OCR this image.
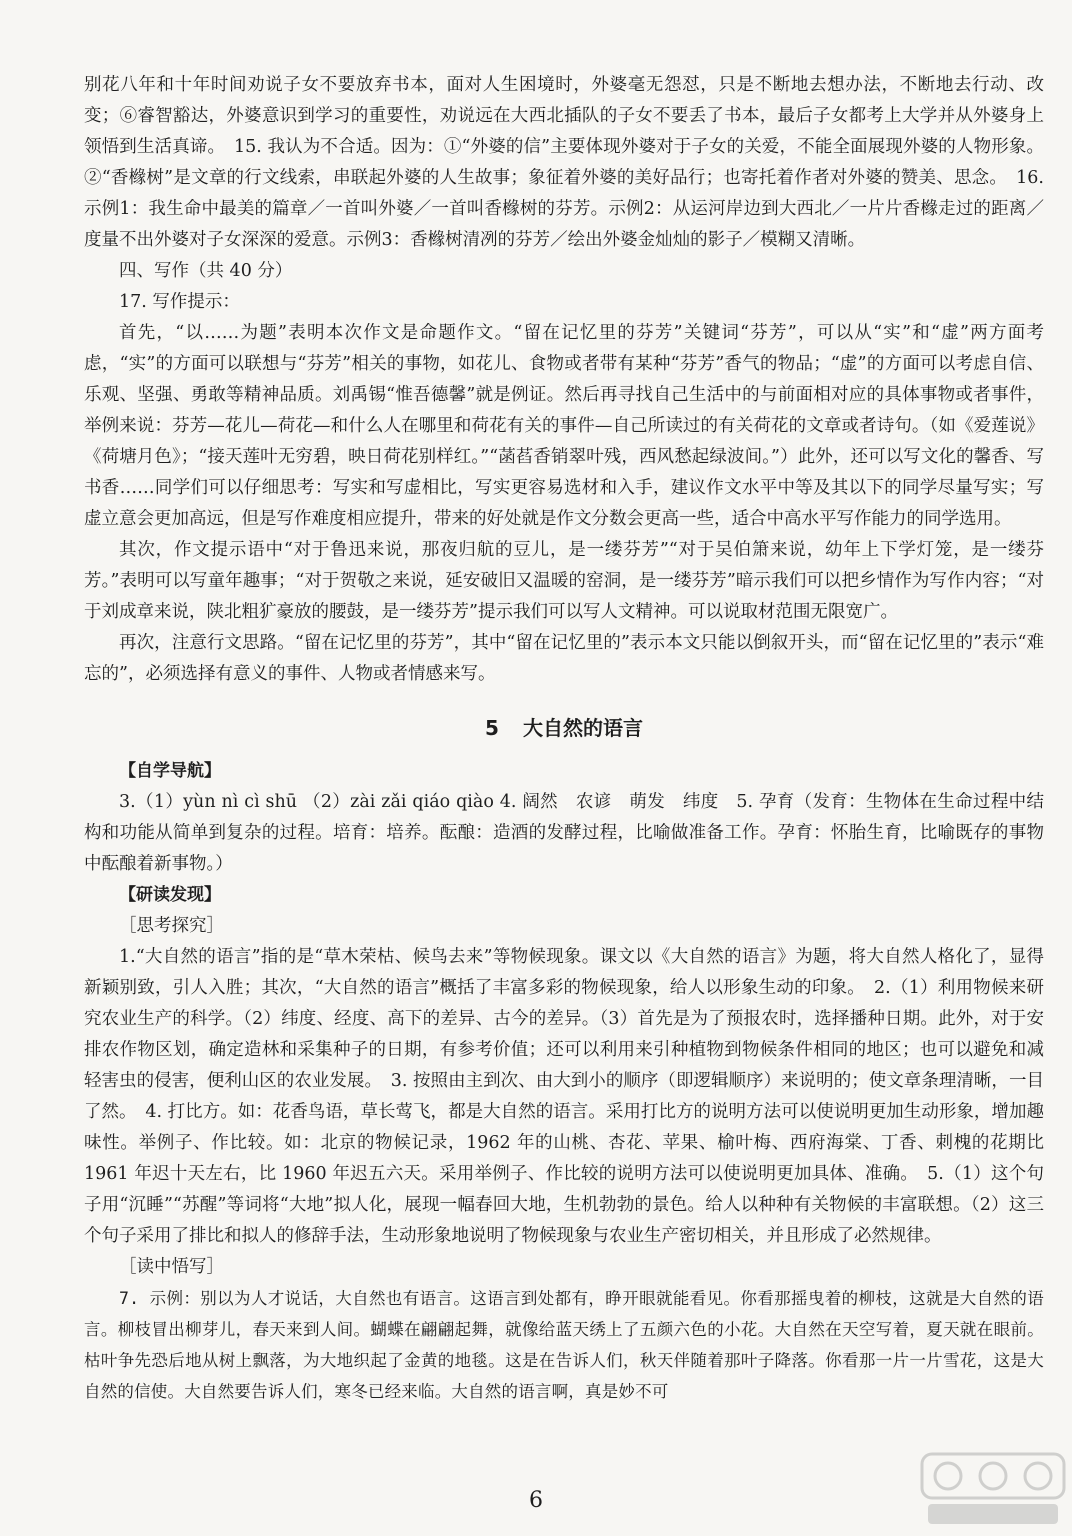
别花八年和十年时间劝说子女不要放弃书本，面对人生困境时，外婆毫无怨怼，只是不断地去想办法，不断地去行动、改变；⑥睿智豁达，外婆意识到学习的重要性，劝说远在大西北插队的子女不要丢了书本，最后子女都考上大学并从外婆身上领悟到生活真谛。　15. 我认为不合适。因为：①“外婆的信”主要体现外婆对于子女的关爱，不能全面展现外婆的人物形象。②“香橼树”是文章的行文线索，串联起外婆的人生故事；象征着外婆的美好品行；也寄托着作者对外婆的赞美、思念。　16. 示例1：我生命中最美的篇章／一首叫外婆／一首叫香橼树的芬芳。示例2：从运河岸边到大西北／一片片香橼走过的距离／度量不出外婆对子女深深的爱意。示例3：香橼树清冽的芬芳／绘出外婆金灿灿的影子／模糊又清晰。

四、写作（共 40 分）

17. 写作提示：

首先，“以……为题”表明本次作文是命题作文。“留在记忆里的芬芳”关键词“芬芳”，可以从“实”和“虚”两方面考虑，“实”的方面可以联想与“芬芳”相关的事物，如花儿、食物或者带有某种“芬芳”香气的物品；“虚”的方面可以考虑自信、乐观、坚强、勇敢等精神品质。刘禹锡“惟吾德馨”就是例证。然后再寻找自己生活中的与前面相对应的具体事物或者事件，举例来说：芬芳—花儿—荷花—和什么人在哪里和荷花有关的事件—自己所读过的有关荷花的文章或者诗句。（如《爱莲说》《荷塘月色》；“接天莲叶无穷碧，映日荷花别样红。”“菡萏香销翠叶残，西风愁起绿波间。”）此外，还可以写文化的馨香、写书香……同学们可以仔细思考：写实和写虚相比，写实更容易选材和入手，建议作文水平中等及其以下的同学尽量写实；写虚立意会更加高远，但是写作难度相应提升，带来的好处就是作文分数会更高一些，适合中高水平写作能力的同学选用。

其次，作文提示语中“对于鲁迅来说，那夜归航的豆儿，是一缕芬芳”“对于吴伯箫来说，幼年上下学灯笼，是一缕芬芳。”表明可以写童年趣事；“对于贺敬之来说，延安破旧又温暖的窑洞，是一缕芬芳”暗示我们可以把乡情作为写作内容；“对于刘成章来说，陕北粗犷豪放的腰鼓，是一缕芬芳”提示我们可以写人文精神。可以说取材范围无限宽广。

再次，注意行文思路。“留在记忆里的芬芳”，其中“留在记忆里的”表示本文只能以倒叙开头，而“留在记忆里的”表示“难忘的”，必须选择有意义的事件、人物或者情感来写。

5 大自然的语言

【自学导航】

3.（1）yùn nì cì shū （2）zài zǎi qiáo qiào 4. 阔然　农谚　萌发　纬度　5. 孕育（发育：生物体在生命过程中结构和功能从简单到复杂的过程。培育：培养。酝酿：造酒的发酵过程，比喻做准备工作。孕育：怀胎生育，比喻既存的事物中酝酿着新事物。）

【研读发现】

［思考探究］

1.“大自然的语言”指的是“草木荣枯、候鸟去来”等物候现象。课文以《大自然的语言》为题，将大自然人格化了，显得新颖别致，引人入胜；其次，“大自然的语言”概括了丰富多彩的物候现象，给人以形象生动的印象。　2.（1）利用物候来研究农业生产的科学。（2）纬度、经度、高下的差异、古今的差异。（3）首先是为了预报农时，选择播种日期。此外，对于安排农作物区划，确定造林和采集种子的日期，有参考价值；还可以利用来引种植物到物候条件相同的地区；也可以避免和减轻害虫的侵害，便利山区的农业发展。　3. 按照由主到次、由大到小的顺序（即逻辑顺序）来说明的；使文章条理清晰，一目了然。　4. 打比方。如：花香鸟语，草长莺飞，都是大自然的语言。采用打比方的说明方法可以使说明更加生动形象，增加趣味性。举例子、作比较。如：北京的物候记录，1962 年的山桃、杏花、苹果、榆叶梅、西府海棠、丁香、刺槐的花期比 1961 年迟十天左右，比 1960 年迟五六天。采用举例子、作比较的说明方法可以使说明更加具体、准确。　5.（1）这个句子用“沉睡”“苏醒”等词将“大地”拟人化，展现一幅春回大地，生机勃勃的景色。给人以种种有关物候的丰富联想。（2）这三个句子采用了排比和拟人的修辞手法，生动形象地说明了物候现象与农业生产密切相关，并且形成了必然规律。

［读中悟写］

7. 示例：别以为人才说话，大自然也有语言。这语言到处都有，睁开眼就能看见。你看那摇曳着的柳枝，这就是大自然的语言。柳枝冒出柳芽儿，春天来到人间。蝴蝶在翩翩起舞，就像给蓝天绣上了五颜六色的小花。大自然在天空写着，夏天就在眼前。枯叶争先恐后地从树上飘落，为大地织起了金黄的地毯。这是在告诉人们，秋天伴随着那叶子降落。你看那一片一片雪花，这是大自然的信使。大自然要告诉人们，寒冬已经来临。大自然的语言啊，真是妙不可

6
